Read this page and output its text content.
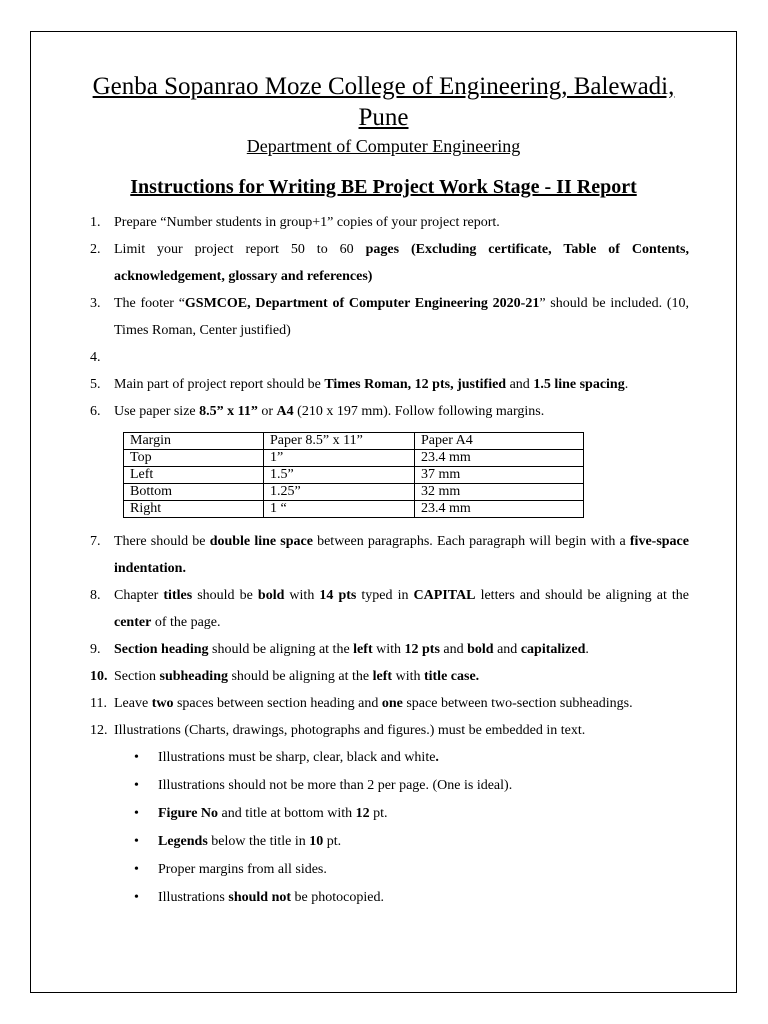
Genba Sopanrao Moze College of Engineering, Balewadi, Pune
Department of Computer Engineering
Instructions for Writing BE Project Work Stage - II Report
1. Prepare “Number students in group+1” copies of your project report.
2. Limit your project report 50 to 60 pages (Excluding certificate, Table of Contents, acknowledgement, glossary and references)
3. The footer “GSMCOE, Department of Computer Engineering 2020-21” should be included. (10, Times Roman, Center justified)
4.

5. Main part of project report should be Times Roman, 12 pts, justified and 1.5 line spacing.
6. Use paper size 8.5” x 11” or A4 (210 x 197 mm). Follow following margins.
Margin	Paper 8.5” x 11”	Paper A4
Top	1”	23.4 mm
Left	1.5”	37 mm
Bottom	1.25”	32 mm
Right	1 “	23.4 mm
7. There should be double line space between paragraphs. Each paragraph will begin with a five-space indentation.
8. Chapter titles should be bold with 14 pts typed in CAPITAL letters and should be aligning at the center of the page.
9. Section heading should be aligning at the left with 12 pts and bold and capitalized.
10. Section subheading should be aligning at the left with title case.
11. Leave two spaces between section heading and one space between two-section subheadings.
12. Illustrations (Charts, drawings, photographs and figures.) must be embedded in text.
• Illustrations must be sharp, clear, black and white.
• Illustrations should not be more than 2 per page. (One is ideal).
• Figure No and title at bottom with 12 pt.
• Legends below the title in 10 pt.
• Proper margins from all sides.
• Illustrations should not be photocopied.
